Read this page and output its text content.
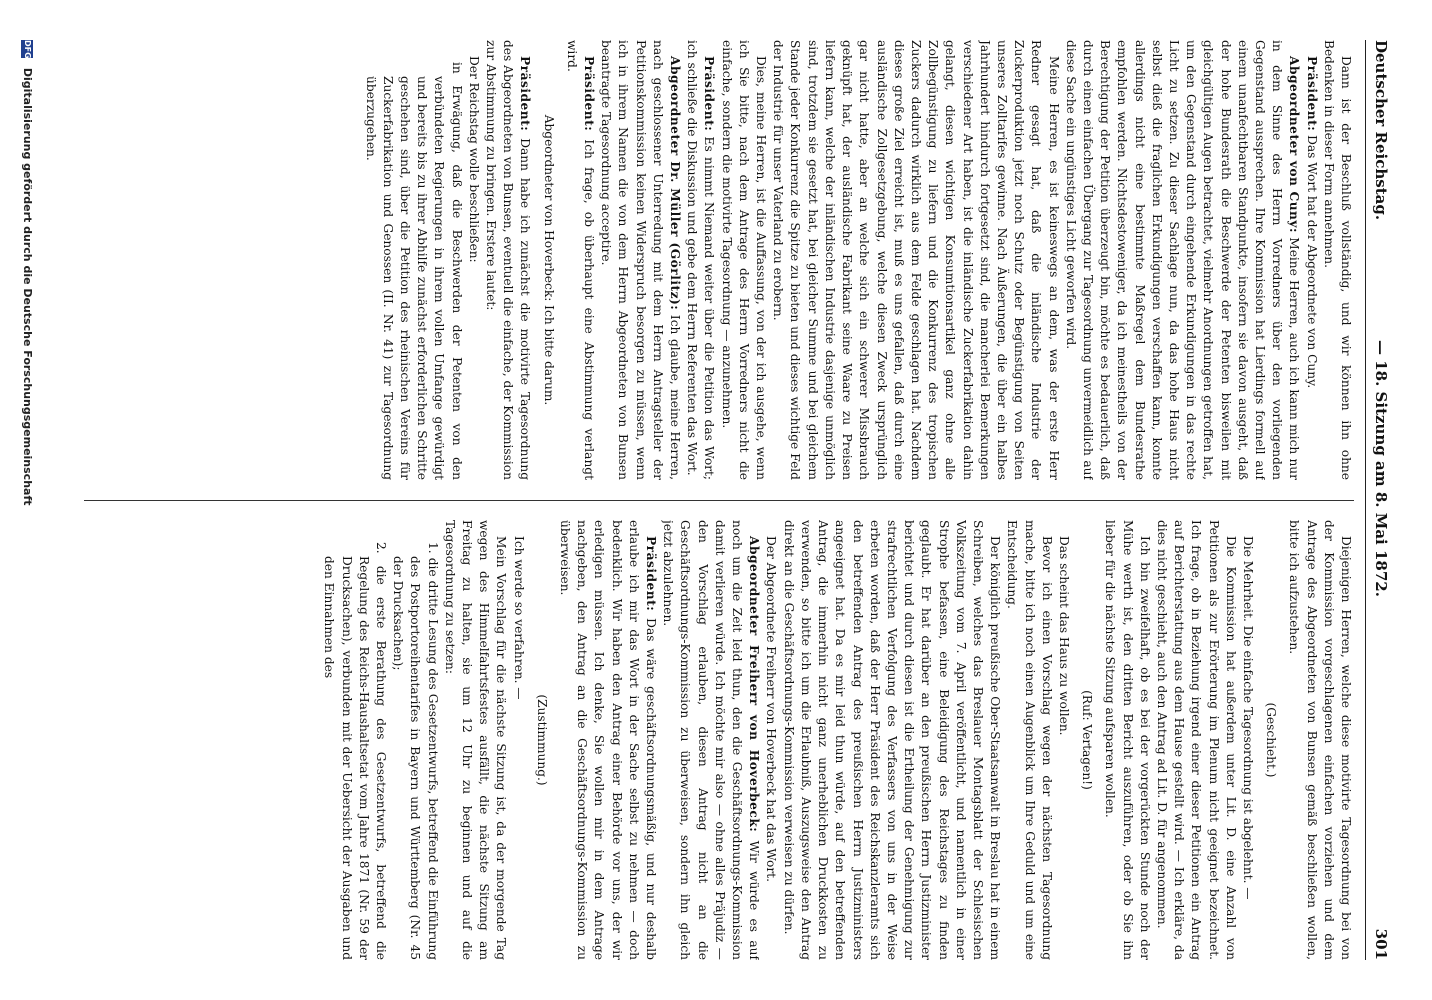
Deutscher Reichstag.
— 18. Sitzung am 8. Mai 1872.
301

Dann ist der Beschluß vollständig, und wir können ihn ohne Bedenken in dieser Form annehmen.

Präsident: Das Wort hat der Abgeordnete von Cuny.

Abgeordneter von Cuny: Meine Herren, auch ich kann mich nur in dem Sinne des Herrn Vorredners über den vorliegenden Gegenstand aussprechen. Ihre Kommission hat Lierdings formell auf einem unanfechtbaren Standpunkte, insofern sie davon ausgeht, daß der hohe Bundesrath die Beschwerde der Petenten bisweilen mit gleichgültigen Augen betrachtet, vielmehr Anordnungen getroffen hat, um den Gegenstand durch eingehende Erkundigungen in das rechte Licht zu setzen. Zu dieser Sachlage nun, da das hohe Haus nicht selbst dieß die fraglichen Erkundigungen verschaffen kann, konnte allerdings nicht eine bestimmte Maßregel dem Bundesrathe empfohlen werden. Nichtsdestoweniger, da ich meinestheils von der Berechtigung der Petition überzeugt bin, möchte es bedauerlich, daß durch einen einfachen Übergang zur Tagesordnung unvermeidlich auf diese Sache ein ungünstiges Licht geworfen wird.

Meine Herren, es ist keineswegs an dem, was der erste Herr Redner gesagt hat, daß die inländische Industrie der Zuckerproduktion jetzt noch Schutz oder Begünstigung von Seiten unseres Zolltarifes gewinne. Nach Äußerungen, die über ein halbes Jahrhundert hindurch fortgesetzt sind, die mancherlei Bemerkungen verschiedener Art haben, ist die inländische Zuckerfabrikation dahin gelangt, diesen wichtigen Konsumtionsartikel ganz ohne alle Zollbegünstigung zu liefern und die Konkurrenz des tropischen Zuckers dadurch wirklich aus dem Felde geschlagen hat. Nachdem dieses große Ziel erreicht ist, muß es uns gefallen, daß durch eine ausländische Zollgesetzgebung, welche diesen Zweck ursprünglich gar nicht hatte, aber an welche sich ein schwerer Missbrauch geknüpft hat, der ausländische Fabrikant seine Waare zu Preisen liefern kann, welche der inländischen Industrie dasjenige unmöglich sind, trotzdem sie gesetzt hat, bei gleicher Summe und bei gleichem Stande jeder Konkurrenz die Spitze zu bieten und dieses wichtige Feld der Industrie für unser Vaterland zu erobern.

Dies, meine Herren, ist die Auffassung, von der ich ausgehe, wenn ich Sie bitte, nach dem Antrage des Herrn Vorredners nicht die einfache, sondern die motivirte Tagesordnung — anzunehmen.

Präsident: Es nimmt Niemand weiter über die Petition das Wort; ich schließe die Diskussion und gebe dem Herrn Referenten das Wort.

Abgeordneter Dr. Müller (Görlitz): Ich glaube, meine Herren, nach geschlossener Unterredung mit dem Herrn Antragsteller der Petitionskommission keinen Widerspruch besorgen zu müssen, wenn ich in ihrem Namen die von dem Herrn Abgeordneten von Bunsen beantragte Tagesordnung acceptire.

Präsident: Ich frage, ob überhaupt eine Abstimmung verlangt wird.

Abgeordneter von Hoverbeck: Ich bitte darum.

Präsident: Dann habe ich zunächst die motivirte Tagesordnung des Abgeordneten von Bunsen, eventuell die einfache, der Kommission zur Abstimmung zu bringen. Erstere lautet:

Der Reichstag wolle beschließen:

in Erwägung, daß die Beschwerden der Petenten von den verbündeten Regierungen in ihrem vollen Umfange gewürdigt und bereits bis zu ihrer Abhilfe zunächst erforderlichen Schritte geschehen sind, über die Petition des rheinischen Vereins für Zuckerfabrikation und Genossen (II. Nr. 41) zur Tagesordnung überzugehen.

Diejenigen Herren, welche diese motivirte Tagesordnung bei von der Kommission vorgeschlagenen einfachen vorziehen und dem Antrage des Abgeordneten von Bunsen gemäß beschließen wollen, bitte ich aufzustehen.

(Geschieht.)

Die Mehrheit. Die einfache Tagesordnung ist abgelehnt. —

Die Kommission hat außerdem unter Lit. D. eine Anzahl von Petitionen als zur Erörterung im Plenum nicht geeignet bezeichnet. Ich frage, ob in Beziehung irgend einer dieser Petitionen ein Antrag auf Berichterstattung aus dem Hause gestellt wird. — Ich erkläre, da dies nicht geschieht, auch den Antrag ad Lit. D. für angenommen.

Ich bin zweifelhaft, ob es bei der vorgerückten Stunde noch der Mühe werth ist, den dritten Bericht auszuführen, oder ob Sie ihn lieber für die nächste Sitzung aufsparen wollen.

(Ruf: Vertagen!)

Das scheint das Haus zu wollen.

Bevor ich einen Vorschlag wegen der nächsten Tagesordnung mache, bitte ich noch einen Augenblick um Ihre Geduld und um eine Entscheidung.

Der königlich preußische Ober-Staatsanwalt in Breslau hat in einem Schreiben, welches das Breslauer Montagsblatt der Schlesischen Volkszeitung vom 7. April veröffentlicht, und namentlich in einer Strophe befassen, eine Beleidigung des Reichstages zu finden geglaubt. Er hat darüber an den preußischen Herrn Justizminister berichtet und durch diesen ist die Ertheilung der Genehmigung zur strafrechtlichen Verfolgung des Verfassers von uns in der Weise erbeten worden, daß der Herr Präsident des Reichskanzleramts sich den betreffenden Antrag des preußischen Herrn Justizministers angeeignet hat. Da es mir leid thun würde, auf den betreffenden Antrag, die immerhin nicht ganz unerheblichen Druckkosten zu verwenden, so bitte ich um die Erlaubniß, Auszugsweise den Antrag direkt an die Geschäftsordnungs-Kommission verweisen zu dürfen.

Der Abgeordnete Freiherr von Hoverbeck hat das Wort.

Abgeordneter Freiherr von Hoverbeck: Wir würde es auf noch um die Zeit leid thun, den die Geschäftsordnungs-Kommission damit verlieren würde. Ich möchte mir also — ohne alles Präjudiz — den Vorschlag erlauben, diesen Antrag nicht an die Geschäftsordnungs-Kommission zu überweisen, sondern ihn gleich jetzt abzulehnen.

Präsident: Das wäre geschäftsordnungsmäßig, und nur deshalb erlaube ich mir das Wort in der Sache selbst zu nehmen — doch bedenklich. Wir haben den Antrag einer Behörde vor uns, der wir erledigen müssen. Ich denke, Sie wollen mir in dem Antrage nachgeben, den Antrag an die Geschäftsordnungs-Kommission zu überweisen.

(Zustimmung.)

Ich werde so verfahren. —

Mein Vorschlag für die nächste Sitzung ist, da der morgende Tag wegen des Himmelfahrtsfestes ausfällt, die nächste Sitzung am Freitag zu halten, sie um 12 Uhr zu beginnen und auf die Tagesordnung zu setzen:

1. die dritte Lesung des Gesetzentwurfs, betreffend die Einführung des Postportoreihentarifes in Bayern und Württemberg (Nr. 45 der Drucksachen);

2. die erste Berathung des Gesetzentwurfs, betreffend die Regelung des Reichs-Haushaltsetat vom Jahre 1871 (Nr. 59 der Drucksachen), verbunden mit der Uebersicht der Ausgaben und den Einnahmen des

DFG Digitalisierung gefördert durch die Deutsche Forschungsgemeinschaft
